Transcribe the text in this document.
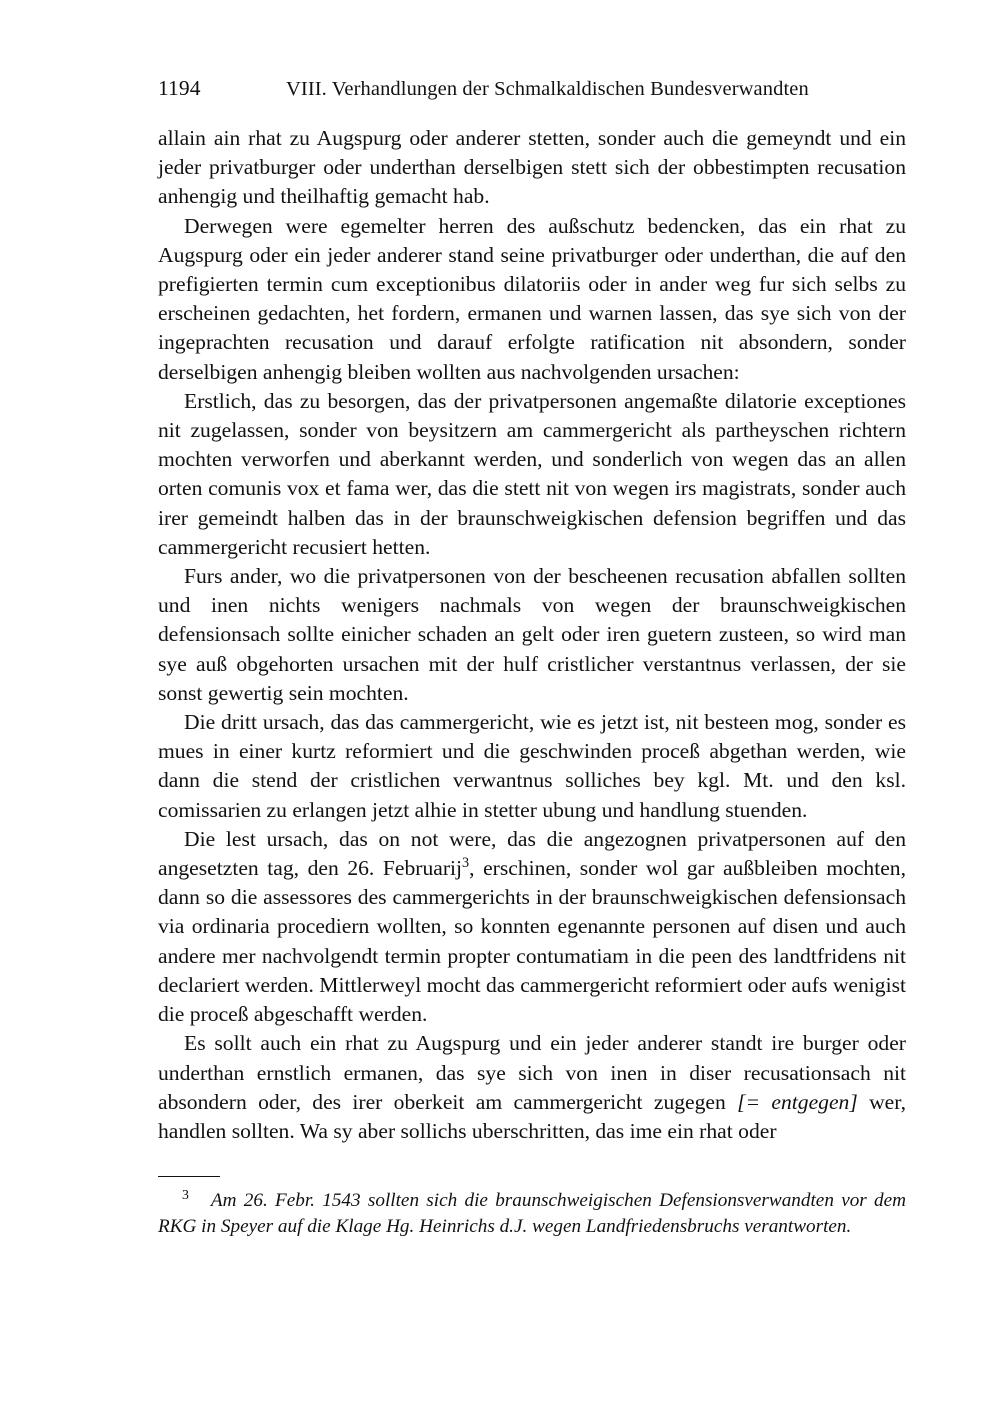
1194	VIII. Verhandlungen der Schmalkaldischen Bundesverwandten

allain ain rhat zu Augspurg oder anderer stetten, sonder auch die gemeyndt und ein jeder privatburger oder underthan derselbigen stett sich der obbestimpten recusation anhengig und theilhaftig gemacht hab.

Derwegen were egemelter herren des außschutz bedencken, das ein rhat zu Augspurg oder ein jeder anderer stand seine privatburger oder underthan, die auf den prefigierten termin cum exceptionibus dilatoriis oder in ander weg fur sich selbs zu erscheinen gedachten, het fordern, ermanen und warnen lassen, das sye sich von der ingeprachten recusation und darauf erfolgte ratification nit absondern, sonder derselbigen anhengig bleiben wollten aus nachvolgenden ursachen:

Erstlich, das zu besorgen, das der privatpersonen angemaßte dilatorie exceptiones nit zugelassen, sonder von beysitzern am cammergericht als partheyschen richtern mochten verworfen und aberkannt werden, und sonderlich von wegen das an allen orten comunis vox et fama wer, das die stett nit von wegen irs magistrats, sonder auch irer gemeindt halben das in der braunschweigkischen defension begriffen und das cammergericht recusiert hetten.

Furs ander, wo die privatpersonen von der bescheenen recusation abfallen sollten und inen nichts wenigers nachmals von wegen der braunschweigkischen defensionsach sollte einicher schaden an gelt oder iren guetern zusteen, so wird man sye auß obgehorten ursachen mit der hulf cristlicher verstantnus verlassen, der sie sonst gewertig sein mochten.

Die dritt ursach, das das cammergericht, wie es jetzt ist, nit besteen mog, sonder es mues in einer kurtz reformiert und die geschwinden proceß abgethan werden, wie dann die stend der cristlichen verwantnus solliches bey kgl. Mt. und den ksl. comissarien zu erlangen jetzt alhie in stetter ubung und handlung stuenden.

Die lest ursach, das on not were, das die angezognen privatpersonen auf den angesetzten tag, den 26. Februarij$^3$, erschinen, sonder wol gar außbleiben mochten, dann so die assessores des cammergerichts in der braunschweigkischen defensionsach via ordinaria procediern wollten, so konnten egenannte personen auf disen und auch andere mer nachvolgendt termin propter contumatiam in die peen des landtfridens nit declariert werden. Mittlerweyl mocht das cammergericht reformiert oder aufs wenigist die proceß abgeschafft werden.

Es sollt auch ein rhat zu Augspurg und ein jeder anderer standt ire burger oder underthan ernstlich ermanen, das sye sich von inen in diser recusationsach nit absondern oder, des irer oberkeit am cammergericht zugegen [= entgegen] wer, handlen sollten. Wa sy aber sollichs uberschritten, das ime ein rhat oder

$^3$ Am 26. Febr. 1543 sollten sich die braunschweigischen Defensionsverwandten vor dem RKG in Speyer auf die Klage Hg. Heinrichs d.J. wegen Landfriedensbruchs verantworten.
